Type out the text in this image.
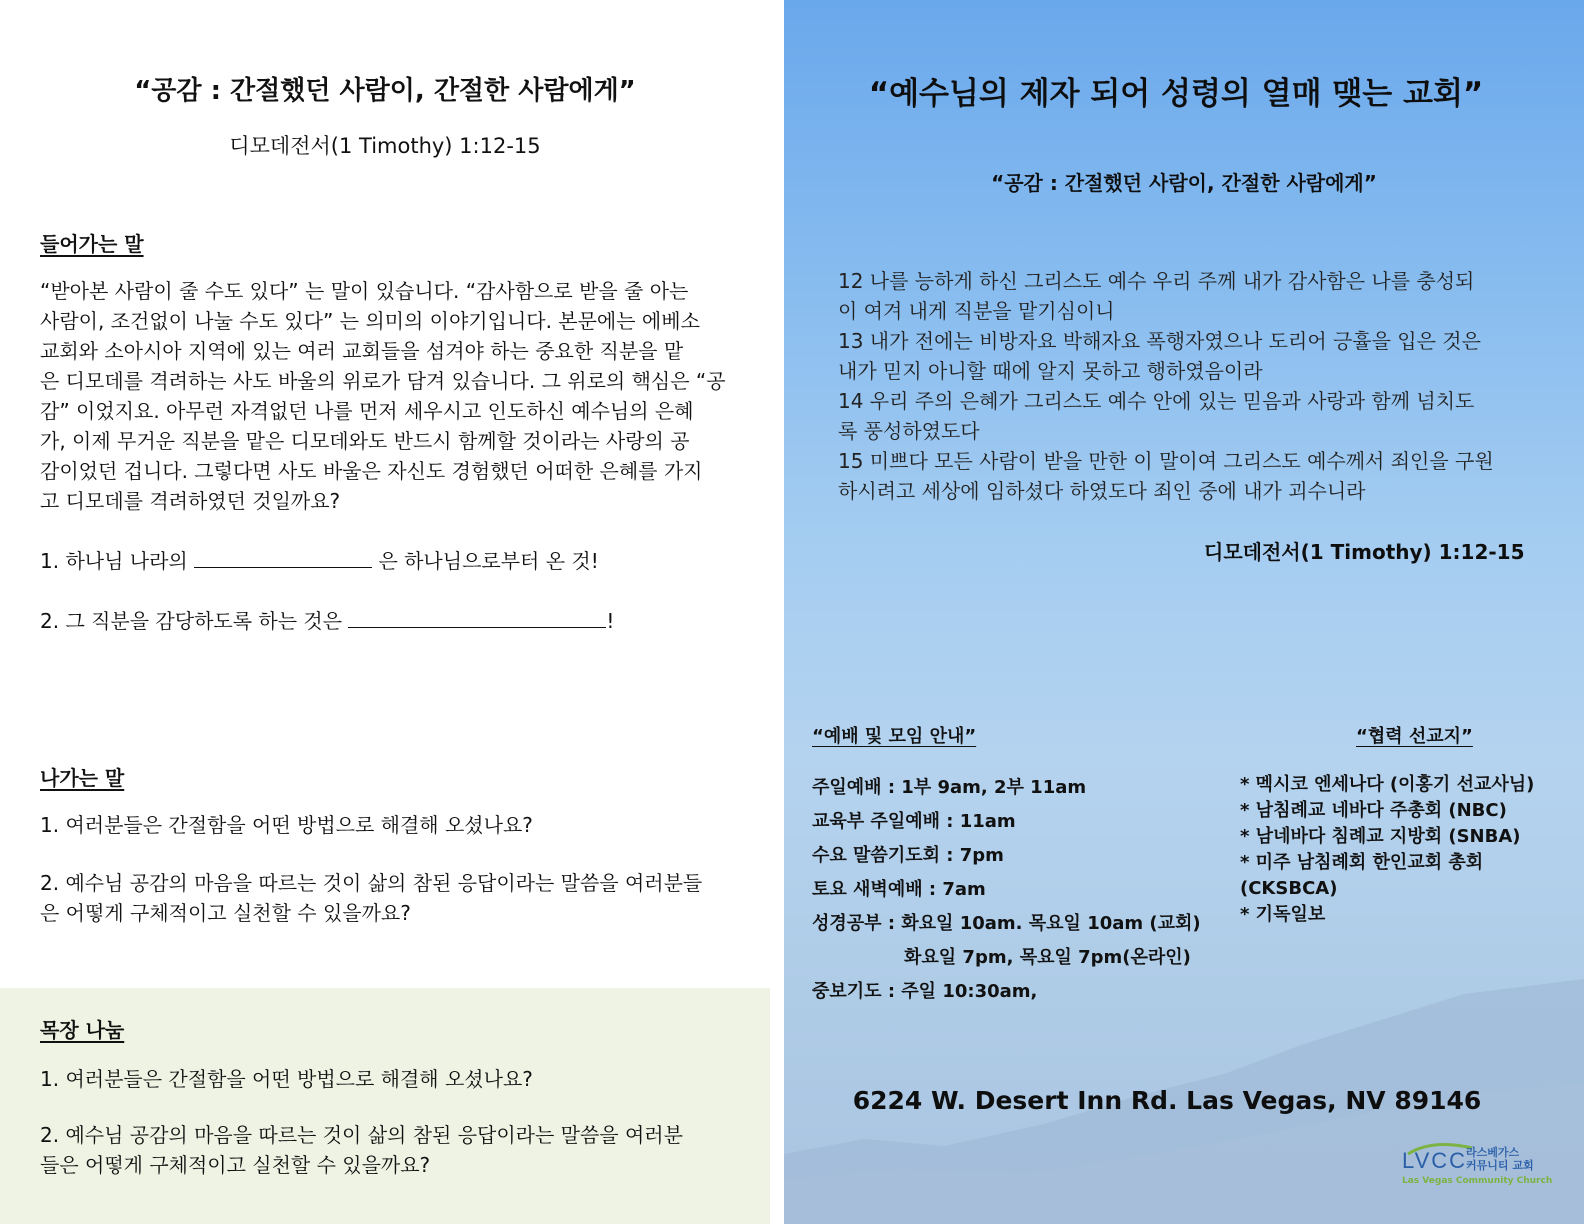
“공감 : 간절했던 사람이, 간절한 사람에게”
디모데전서(1 Timothy) 1:12-15
들어가는 말
“받아본 사람이 줄 수도 있다” 는 말이 있습니다. “감사함으로 받을 줄 아는
사람이, 조건없이 나눌 수도 있다” 는 의미의 이야기입니다. 본문에는 에베소
교회와 소아시아 지역에 있는 여러 교회들을 섬겨야 하는 중요한 직분을 맡
은 디모데를 격려하는 사도 바울의 위로가 담겨 있습니다. 그 위로의 핵심은 “공
감” 이었지요. 아무런 자격없던 나를 먼저 세우시고 인도하신 예수님의 은혜
가, 이제 무거운 직분을 맡은 디모데와도 반드시 함께할 것이라는 사랑의 공
감이었던 겁니다. 그렇다면 사도 바울은 자신도 경험했던 어떠한 은혜를 가지
고 디모데를 격려하였던 것일까요?
1. 하나님 나라의	은 하나님으로부터 온 것!
2. 그 직분을 감당하도록 하는 것은	!
나가는 말
1. 여러분들은 간절함을 어떤 방법으로 해결해 오셨나요?
2. 예수님 공감의 마음을 따르는 것이 삶의 참된 응답이라는 말씀을 여러분들
은 어떻게 구체적이고 실천할 수 있을까요?
목장 나눔
1. 여러분들은 간절함을 어떤 방법으로 해결해 오셨나요?
2. 예수님 공감의 마음을 따르는 것이 삶의 참된 응답이라는 말씀을 여러분
들은 어떻게 구체적이고 실천할 수 있을까요?
“예수님의 제자 되어 성령의 열매 맺는 교회”
“공감 : 간절했던 사람이, 간절한 사람에게”
12 나를 능하게 하신 그리스도 예수 우리 주께 내가 감사함은 나를 충성되
이 여겨 내게 직분을 맡기심이니
13 내가 전에는 비방자요 박해자요 폭행자였으나 도리어 긍휼을 입은 것은
내가 믿지 아니할 때에 알지 못하고 행하였음이라
14 우리 주의 은혜가 그리스도 예수 안에 있는 믿음과 사랑과 함께 넘치도
록 풍성하였도다
15 미쁘다 모든 사람이 받을 만한 이 말이여 그리스도 예수께서 죄인을 구원
하시려고 세상에 임하셨다 하였도다 죄인 중에 내가 괴수니라
디모데전서(1 Timothy) 1:12-15
“예배 및 모임 안내”
주일예배 : 1부 9am, 2부 11am
교육부 주일예배 : 11am
수요 말씀기도회 : 7pm
토요 새벽예배 : 7am
성경공부 : 화요일 10am. 목요일 10am (교회)
화요일 7pm, 목요일 7pm(온라인)
중보기도 : 주일 10:30am,
“협력 선교지”
* 멕시코 엔세나다 (이홍기 선교사님)
* 남침례교 네바다 주총회 (NBC)
* 남네바다 침례교 지방회 (SNBA)
* 미주 남침례회 한인교회 총회
(CKSBCA)
* 기독일보
6224 W. Desert Inn Rd. Las Vegas, NV 89146
LVCC
라스베가스
커뮤니티 교회
Las Vegas Community Church
